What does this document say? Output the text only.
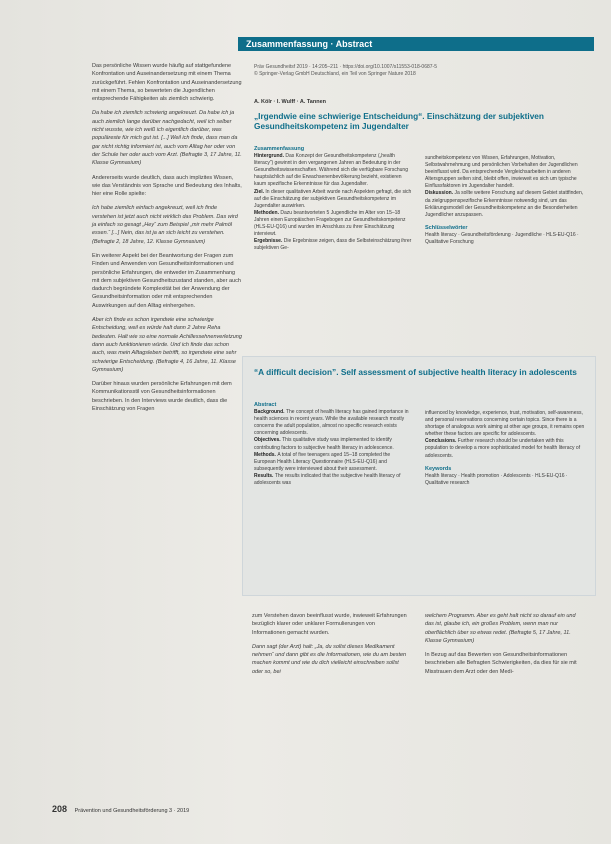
Zusammenfassung · Abstract

Das persönliche Wissen wurde häufig auf stattgefundene Konfrontation und Auseinandersetzung mit einem Thema zurückgeführt. Fehlen Konfrontation und Auseinandersetzung mit einem Thema, so bewerteten die Jugendlichen entsprechende Fähigkeiten als ziemlich schwierig.

Da habe ich ziemlich schwierig angekreuzt. Da habe ich ja auch ziemlich lange darüber nachgedacht, weil ich selber nicht wusste, wie ich weiß ich eigentlich darüber, was populäreste für mich gut ist. [...] Weil ich finde, dass man da gar nicht richtig informiert ist, auch vom Alltag her oder von der Schule her oder auch vom Arzt. (Befragte 3, 17 Jahre, 11. Klasse Gymnasium)

Andererseits wurde deutlich, dass auch implizites Wissen, wie das Verständnis von Sprache und Bedeutung des Inhalts, hier eine Rolle spielte:

Ich habe ziemlich einfach angekreuzt, weil ich finde verstehen ist jetzt auch nicht wirklich das Problem. Das wird ja einfach so gesagt „Hey“ zum Beispiel „mir mehr Palmöl essen.“ [...] Nein, das ist ja an sich leicht zu verstehen. (Befragte 2, 18 Jahre, 12. Klasse Gymnasium)

Ein weiterer Aspekt bei der Beantwortung der Fragen zum Finden und Anwenden von Gesundheitsinformationen und persönliche Erfahrungen, die entweder im Zusammenhang mit dem subjektiven Gesundheitszustand standen, aber auch dadurch begründete Komplexität bei der Anwendung der Gesundheitsinformation oder mit entsprechenden Auswirkungen auf den Alltag einhergehen.

Aber ich finde es schon irgendwie eine schwierige Entscheidung, weil es würde halt dann 2 Jahre Reha bedeuten. Halt wie so eine normale Achillessehnenverletzung dann auch funktionieren würde. Und ich finde das schon auch, was mein Alltagsleben betrifft, so irgendwie eine sehr schwierige Entscheidung. (Befragte 4, 16 Jahre, 11. Klasse Gymnasium)

Darüber hinaus wurden persönliche Erfahrungen mit dem Kommunikationsstil von Gesundheitsinformationen beschrieben. In den Interviews wurde deutlich, dass die Einschätzung von Fragen

Präv Gesundheitsf 2019 · 14:205–211 · https://doi.org/10.1007/s11553-018-0687-5
© Springer-Verlag GmbH Deutschland, ein Teil von Springer Nature 2018
A. Kölr · I. Wulff · A. Tannen
„Irgendwie eine schwierige Entscheidung“. Einschätzung der subjektiven Gesundheitskompetenz im Jugendalter
Zusammenfassung
Hintergrund. Das Konzept der Gesundheitskompetenz („health literacy“) gewinnt in den vergangenen Jahren an Bedeutung in der Gesundheitswissenschaften. Während sich die verfügbare Forschung hauptsächlich auf die Erwachsenenbevölkerung bezieht, existieren kaum spezifische Erkenntnisse für das Jugendalter.
Ziel. In dieser qualitativen Arbeit wurde nach Aspekten gefragt, die sich auf die Einschätzung der subjektiven Gesundheitskompetenz im Jugendalter auswirken.
Methoden. Dazu beantworteten 5 Jugendliche im Alter von 15–18 Jahren einen Europäischen Fragebogen zur Gesundheitskompetenz (HLS-EU-Q16) und wurden im Anschluss zu ihrer Einschätzung interviewt.
Ergebnisse. Die Ergebnisse zeigen, dass die Selbsteinschätzung ihrer subjektiven Ge-
sundheitskompetenz von Wissen, Erfahrungen, Motivation, Selbstwahrnehmung und persönlichen Vorbehalten der Jugendlichen beeinflusst wird. Da entsprechende Vergleichsarbeiten in anderen Altersgruppen selten sind, bleibt offen, inwieweit es sich um typische Einflussfaktoren im Jugendalter handelt.
Diskussion. Ja sollte weitere Forschung auf diesem Gebiet stattfinden, da zielgruppenspezifische Erkenntnisse notwendig sind, um das Erklärungsmodell der Gesundheitskompetenz an die Besonderheiten Jugendlicher anzupassen.
Schlüsselwörter
Health literacy · Gesundheitsförderung · Jugendliche · HLS-EU-Q16 · Qualitative Forschung
“A difficult decision”. Self assessment of subjective health literacy in adolescents
Abstract
Background. The concept of health literacy has gained importance in health sciences in recent years. While the available research mostly concerns the adult population, almost no specific research exists concerning adolescents.
Objectives. This qualitative study was implemented to identify contributing factors to subjective health literacy in adolescence.
Methods. A total of five teenagers aged 15–18 completed the European Health Literacy Questionnaire (HLS-EU-Q16) and subsequently were interviewed about their assessment.
Results. The results indicated that the subjective health literacy of adolescents was
influenced by knowledge, experience, trust, motivation, self-awareness, and personal reservations concerning certain topics. Since there is a shortage of analogous work aiming at other age groups, it remains open whether these factors are specific for adolescents.
Conclusions. Further research should be undertaken with this population to develop a more sophisticated model for health literacy of adolescents.
Keywords
Health literacy · Health promotion · Adolescents · HLS-EU-Q16 · Qualitative research

zum Verstehen davon beeinflusst wurde, inwieweit Erfahrungen bezüglich klarer oder unklarer Formulierungen von Informationen gemacht wurden.

Dann sagt (der Arzt) halt: „Ja, du sollst dieses Medikament nehmen“ und dann gibt es die Informationen, wie du am besten machen kommt und wie du dich vielleicht einschreiben sollst oder so, bei

welchem Programm. Aber es geht halt nicht so darauf ein und das ist, glaube ich, ein großes Problem, wenn man nur oberflächlich über so etwas redet. (Befragte 5, 17 Jahre, 11. Klasse Gymnasium)

In Bezug auf das Bewerten von Gesundheitsinformationen beschrieben alle Befragten Schwierigkeiten, da dies für sie mit Misstrauen dem Arzt oder den Medi-

208 Prävention und Gesundheitsförderung 3 · 2019
